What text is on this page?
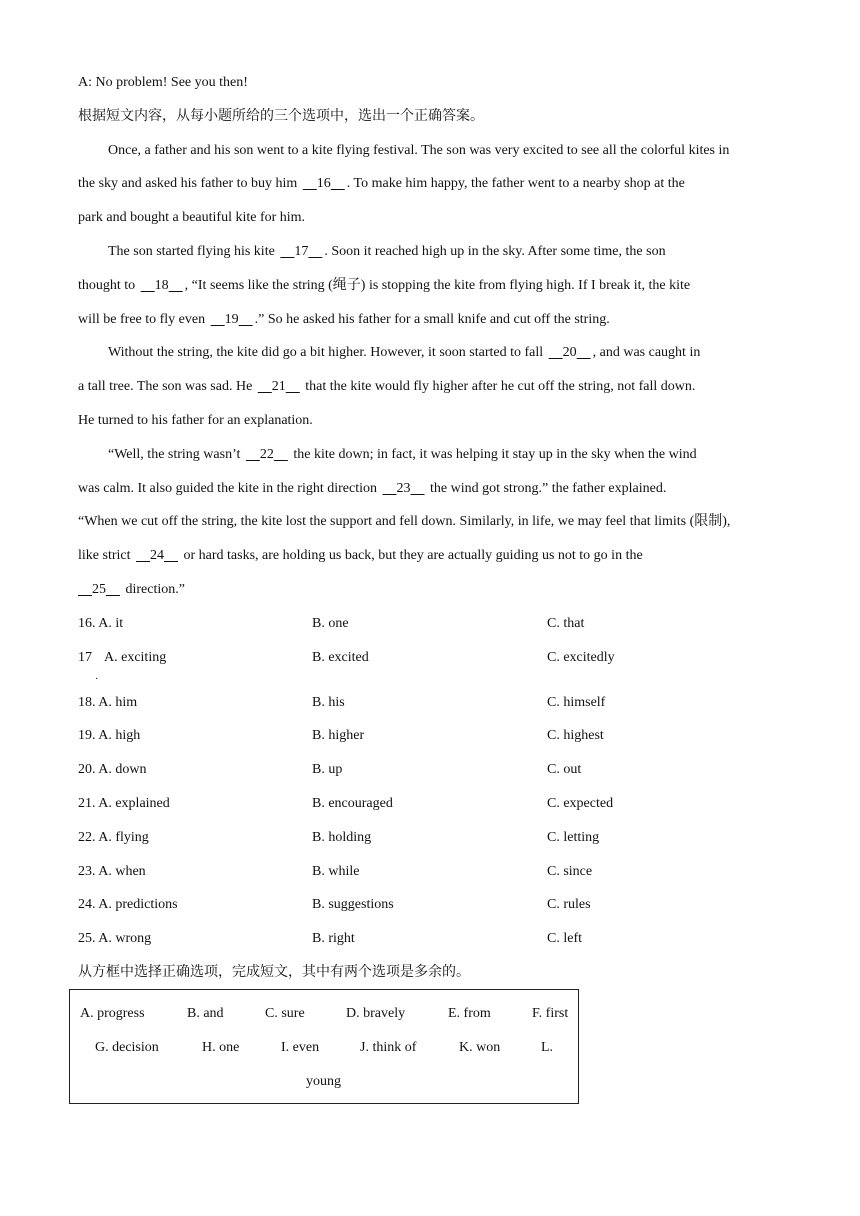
A: No problem! See you then!
根据短文内容，从每小题所给的三个选项中，选出一个正确答案。
Once, a father and his son went to a kite flying festival. The son was very excited to see all the colorful kites in
the sky and asked his father to buy him     16 . To make him happy, the father went to a nearby shop at the
park and bought a beautiful kite for him.
The son started flying his kite     17 . Soon it reached high up in the sky. After some time, the son
thought to     18 , “It seems like the string (绳子) is stopping the kite from flying high. If I break it, the kite
will be free to fly even     19 .” So he asked his father for a small knife and cut off the string.
Without the string, the kite did go a bit higher. However, it soon started to fall     20 , and was caught in
a tall tree. The son was sad. He     21     that the kite would fly higher after he cut off the string, not fall down.
He turned to his father for an explanation.
“Well, the string wasn’t     22     the kite down; in fact, it was helping it stay up in the sky when the wind
was calm. It also guided the kite in the right direction     23     the wind got strong.” the father explained.
“When we cut off the string, the kite lost the support and fell down. Similarly, in life, we may feel that limits (限制),
like strict     24     or hard tasks, are holding us back, but they are actually guiding us not to go in the
25     direction.”
16. A. it	B. one	C. that
17
·
A. exciting	B. excited	C. excitedly
18. A. him	B. his	C. himself
19. A. high	B. higher	C. highest
20. A. down	B. up	C. out
21. A. explained	B. encouraged	C. expected
22. A. flying	B. holding	C. letting
23. A. when	B. while	C. since
24. A. predictions	B. suggestions	C. rules
25. A. wrong	B. right	C. left
从方框中选择正确选项，完成短文，其中有两个选项是多余的。
A. progress	B. and	C. sure	D. bravely	E. from	F. first
G. decision	H. one	I. even	J. think of	K. won	L.
young
